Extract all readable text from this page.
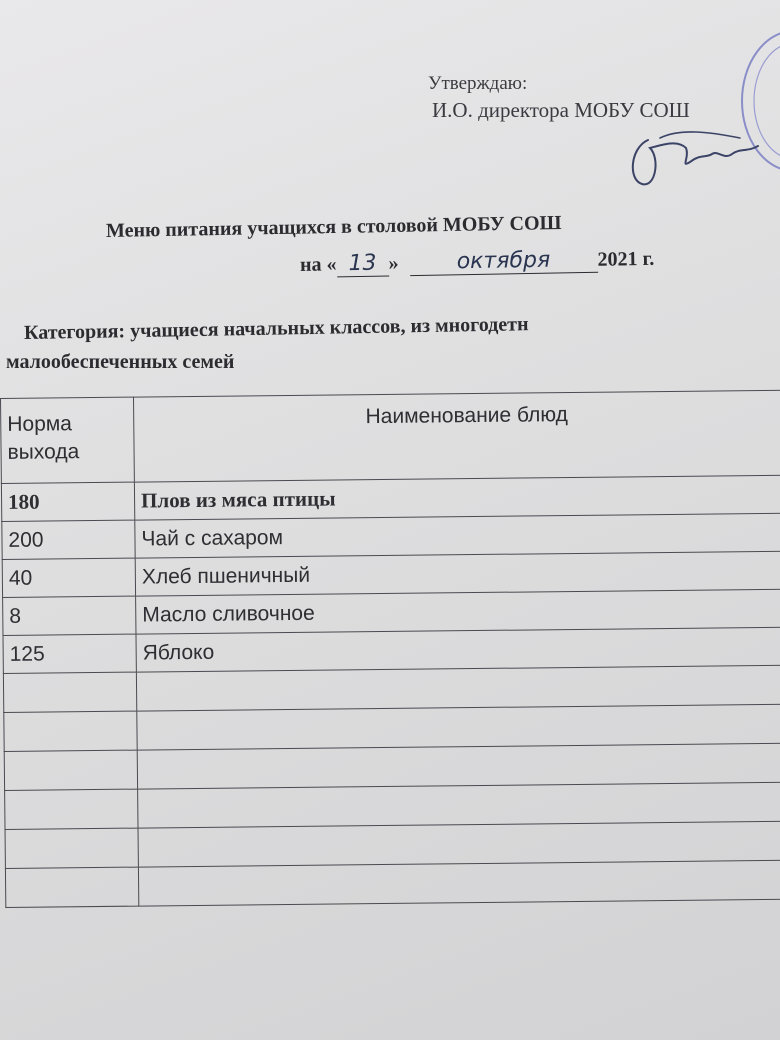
Утверждаю:
И.О. директора МОБУ СОШ
Меню питания учащихся в столовой МОБУ СОШ
на « 13 »	октября 2021 г.
Категория: учащиеся начальных классов, из многодетн
малообеспеченных семей
Норма выхода	Наименование блюд
180	Плов из мяса птицы
200	Чай с сахаром
40	Хлеб пшеничный
8	Масло сливочное
125	Яблоко
